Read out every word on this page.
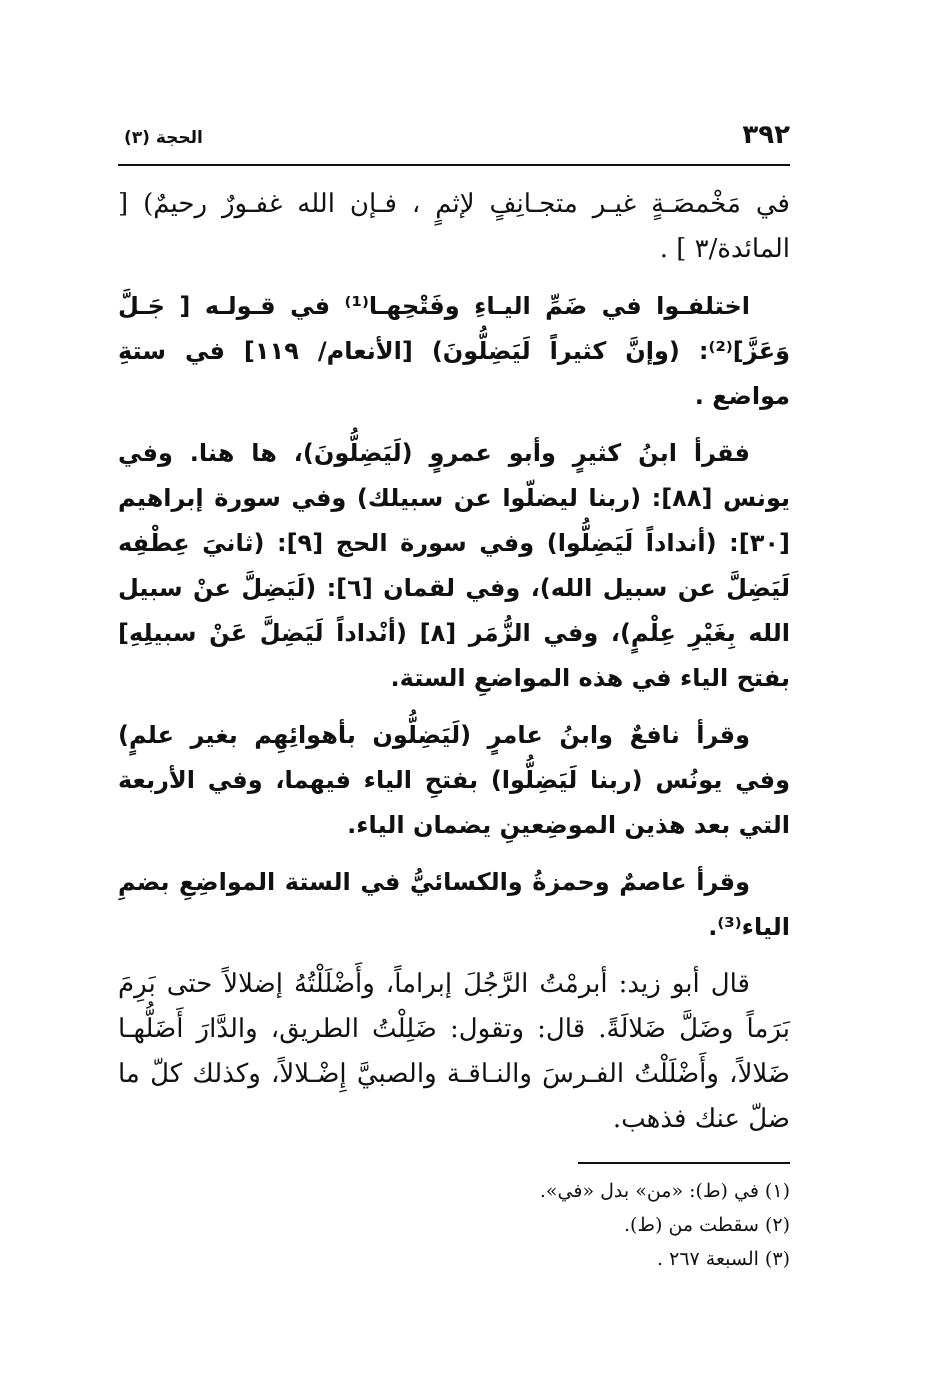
٣٩٢
الحجة (٣)

في مَخْمصَـةٍ غيـر متجـانِفٍ لإثمٍ ، فـإن الله غفـورٌ رحيمٌ) [ المائدة/٣ ] .

اختلفـوا في ضَمِّ اليـاءِ وفَتْحِهـا⁽¹⁾ في قـولـه [ جَـلَّ وَعَزَّ]⁽²⁾: (وإنَّ كثيراً لَيَضِلُّونَ) [الأنعام/ ١١٩] في ستةِ مواضع .

فقرأ ابنُ كثيرٍ وأبو عمروٍ (لَيَضِلُّونَ)، ها هنا. وفي يونس [٨٨]: (ربنا ليضلّوا عن سبيلك) وفي سورة إبراهيم [٣٠]: (أنداداً لَيَضِلُّوا) وفي سورة الحج [٩]: (ثانيَ عِطْفِه لَيَضِلَّ عن سبيل الله)، وفي لقمان [٦]: (لَيَضِلَّ عنْ سبيل الله بِغَيْرِ عِلْمٍ)، وفي الزُّمَر [٨] (أنْداداً لَيَضِلَّ عَنْ سبيلِهِ] بفتح الياء في هذه المواضعِ الستة.

وقرأ نافعٌ وابنُ عامرٍ (لَيَضِلُّون بأهوائِهِم بغير علمٍ) وفي يونُس (ربنا لَيَضِلُّوا) بفتحِ الياء فيهما، وفي الأربعة التي بعد هذين الموضِعينِ يضمان الياء.

وقرأ عاصمٌ وحمزةُ والكسائيُّ في الستة المواضِعِ بضمِ الياء⁽³⁾.

قال أبو زيد: أبرمْتُ الرَّجُلَ إبراماً، وأَضْلَلْتُهُ إضلالاً حتى بَرِمَ بَرَماً وضَلَّ ضَلالَةً. قال: وتقول: ضَلِلْتُ الطريق، والدَّارَ أَضَلُّهـا ضَلالاً، وأَضْلَلْتُ الفـرسَ والنـاقـة والصبيَّ إِضْـلالاً، وكذلك كلّ ما ضلّ عنك فذهب.

(١) في (ط): «من» بدل «في».

(٢) سقطت من (ط).

(٣) السبعة ٢٦٧ .
